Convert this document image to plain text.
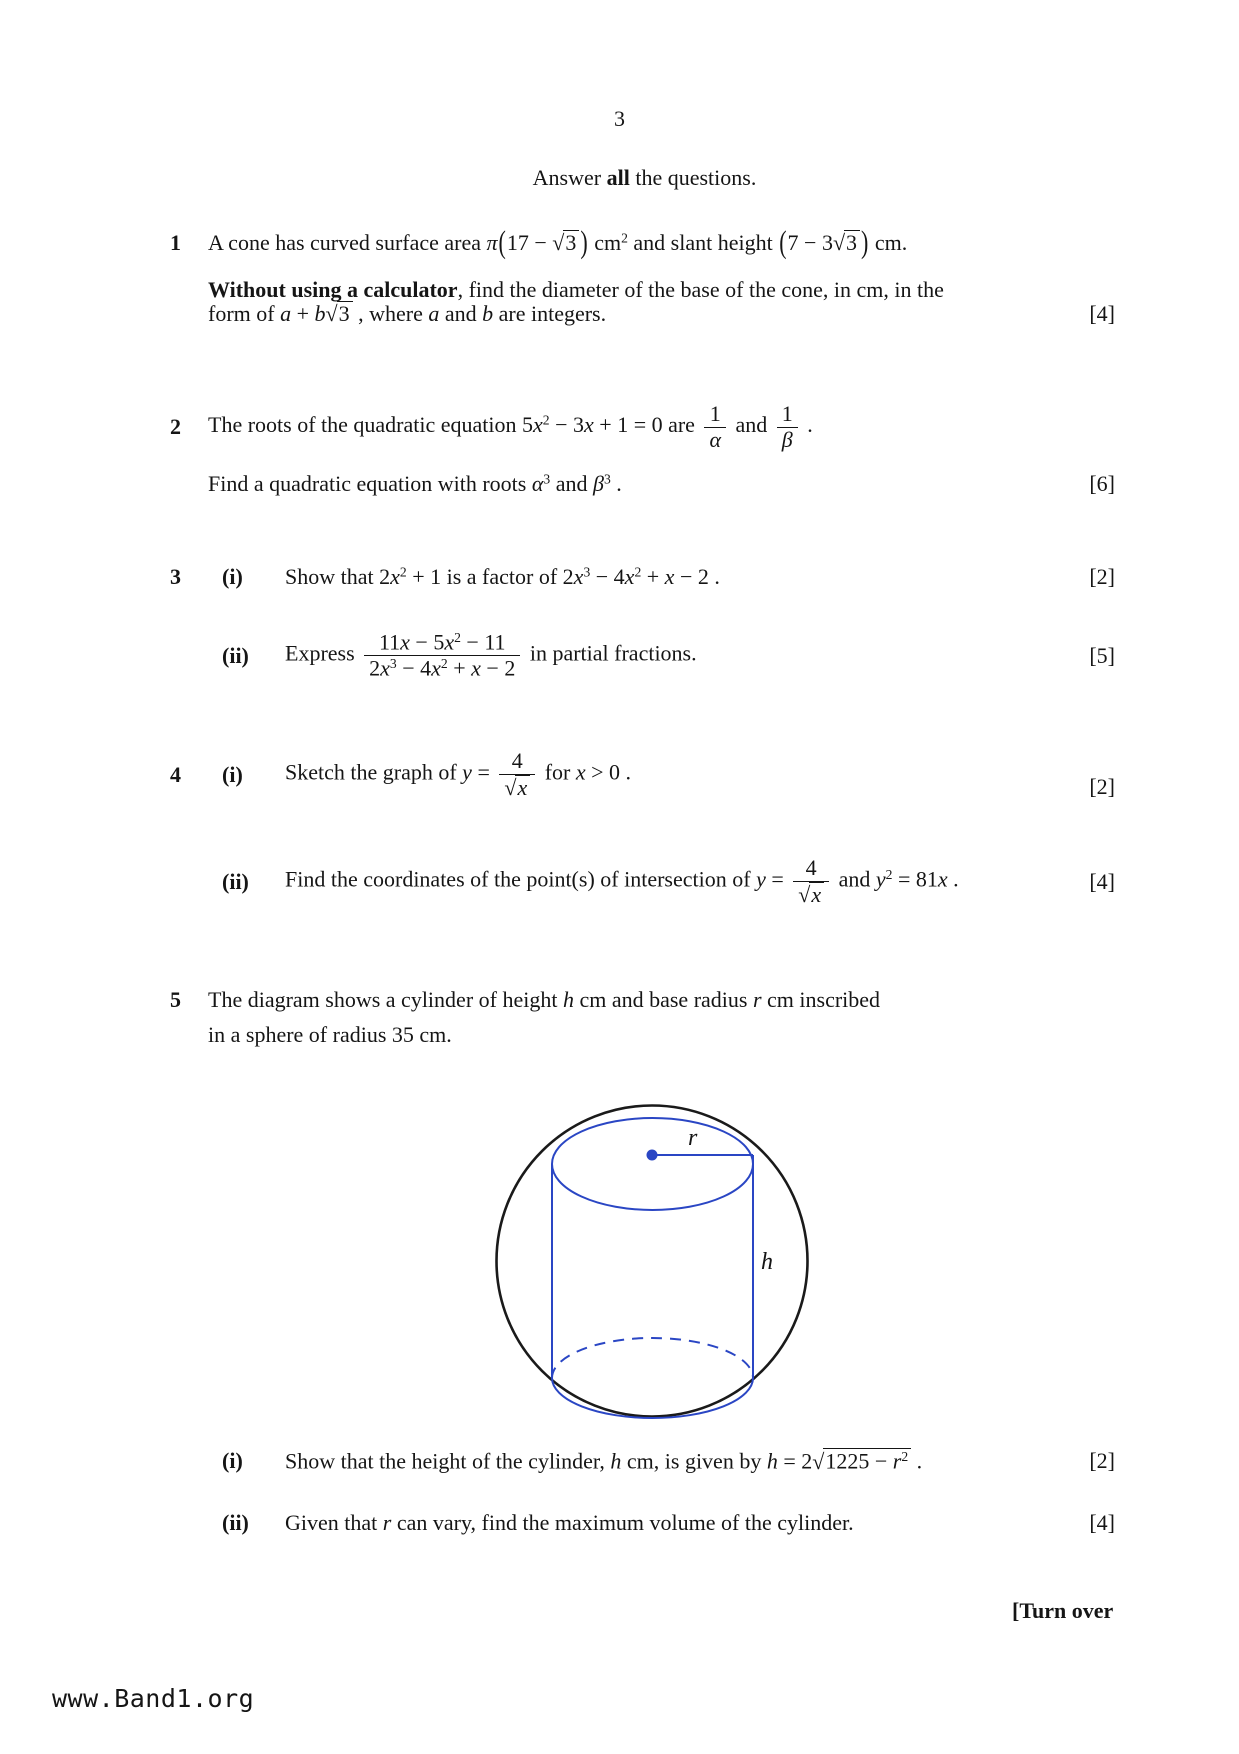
3
Answer all the questions.
1	A cone has curved surface area π(17 − √3 ) $cm^2$ and slant height (7 − 3√3 ) cm.
Without using a calculator, find the diameter of the base of the cone, in cm, in the
form of a + b√3 , where a and b are integers.	[4]
2	The roots of the quadratic equation $5x^2 - 3x + 1 = 0$ are $\frac{1}{\alpha}$ and $\frac{1}{\beta}$ .
Find a quadratic equation with roots $\alpha^3$ and $\beta^3$ .	[6]
3	(i)	Show that $2x^2 + 1$ is a factor of $2x^3 - 4x^2 + x - 2$ .	[2]
(ii)	Express $\frac{11x - 5x^2 - 11}{2x^3 - 4x^2 + x - 2}$ in partial fractions.	[5]
4	(i)	Sketch the graph of $y = \frac{4}{√x}$ for x > 0 .
[2]
(ii)	Find the coordinates of the point(s) of intersection of $y = \frac{4}{√x}$ and $y^2 = 81x$ .	[4]
5	The diagram shows a cylinder of height h cm and base radius r cm inscribed
in a sphere of radius 35 cm.
r
h
(i)	Show that the height of the cylinder, h cm, is given by $h = 2√1225 - r^2$ .	[2]
(ii)	Given that r can vary, find the maximum volume of the cylinder.	[4]
[Turn over
www.Band1.org
